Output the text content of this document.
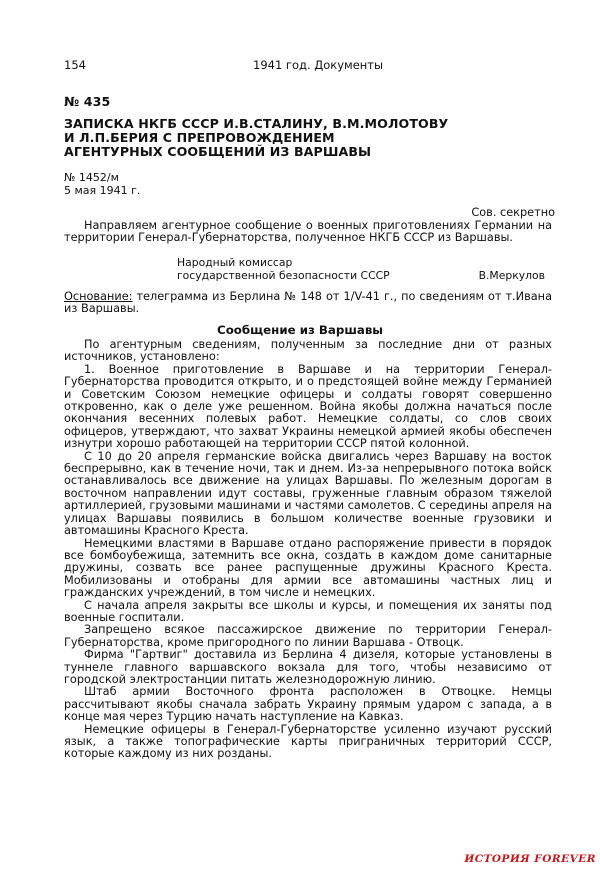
154	1941 год. Документы
№ 435
ЗАПИСКА НКГБ СССР И.В.СТАЛИНУ, В.М.МОЛОТОВУ
И Л.П.БЕРИЯ С ПРЕПРОВОЖДЕНИЕМ
АГЕНТУРНЫХ СООБЩЕНИЙ ИЗ ВАРШАВЫ
№ 1452/м
5 мая 1941 г.
Сов. секретно

Направляем агентурное сообщение о военных приготовлениях Германии на территории Генерал-Губернаторства, полученное НКГБ СССР из Варшавы.

Народный комиссар
государственной безопасности СССР	В.Меркулов

Основание: телеграмма из Берлина № 148 от 1/V-41 г., по сведениям от т.Ивана из Варшавы.

Сообщение из Варшавы

По агентурным сведениям, полученным за последние дни от разных источников, установлено:

1. Военное приготовление в Варшаве и на территории Генерал-Губернаторства проводится открыто, и о предстоящей войне между Германией и Советским Союзом немецкие офицеры и солдаты говорят совершенно откровенно, как о деле уже решенном. Война якобы должна начаться после окончания весенних полевых работ. Немецкие солдаты, со слов своих офицеров, утверждают, что захват Украины немецкой армией якобы обеспечен изнутри хорошо работающей на территории СССР пятой колонной.

С 10 до 20 апреля германские войска двигались через Варшаву на восток беспрерывно, как в течение ночи, так и днем. Из-за непрерывного потока войск останавливалось все движение на улицах Варшавы. По железным дорогам в восточном направлении идут составы, груженные главным образом тяжелой артиллерией, грузовыми машинами и частями самолетов. С середины апреля на улицах Варшавы появились в большом количестве военные грузовики и автомашины Красного Креста.

Немецкими властями в Варшаве отдано распоряжение привести в порядок все бомбоубежища, затемнить все окна, создать в каждом доме санитарные дружины, созвать все ранее распущенные дружины Красного Креста. Мобилизованы и отобраны для армии все автомашины частных лиц и гражданских учреждений, в том числе и немецких.

С начала апреля закрыты все школы и курсы, и помещения их заняты под военные госпитали.

Запрещено всякое пассажирское движение по территории Генерал-Губернаторства, кроме пригородного по линии Варшава - Отвоцк.

Фирма "Гартвиг" доставила из Берлина 4 дизеля, которые установлены в туннеле главного варшавского вокзала для того, чтобы независимо от городской электростанции питать железнодорожную линию.

Штаб армии Восточного фронта расположен в Отвоцке. Немцы рассчитывают якобы сначала забрать Украину прямым ударом с запада, а в конце мая через Турцию начать наступление на Кавказ.

Немецкие офицеры в Генерал-Губернаторстве усиленно изучают русский язык, а также топографические карты приграничных территорий СССР, которые каждому из них розданы.

ИСТОРИЯ FOREVER
